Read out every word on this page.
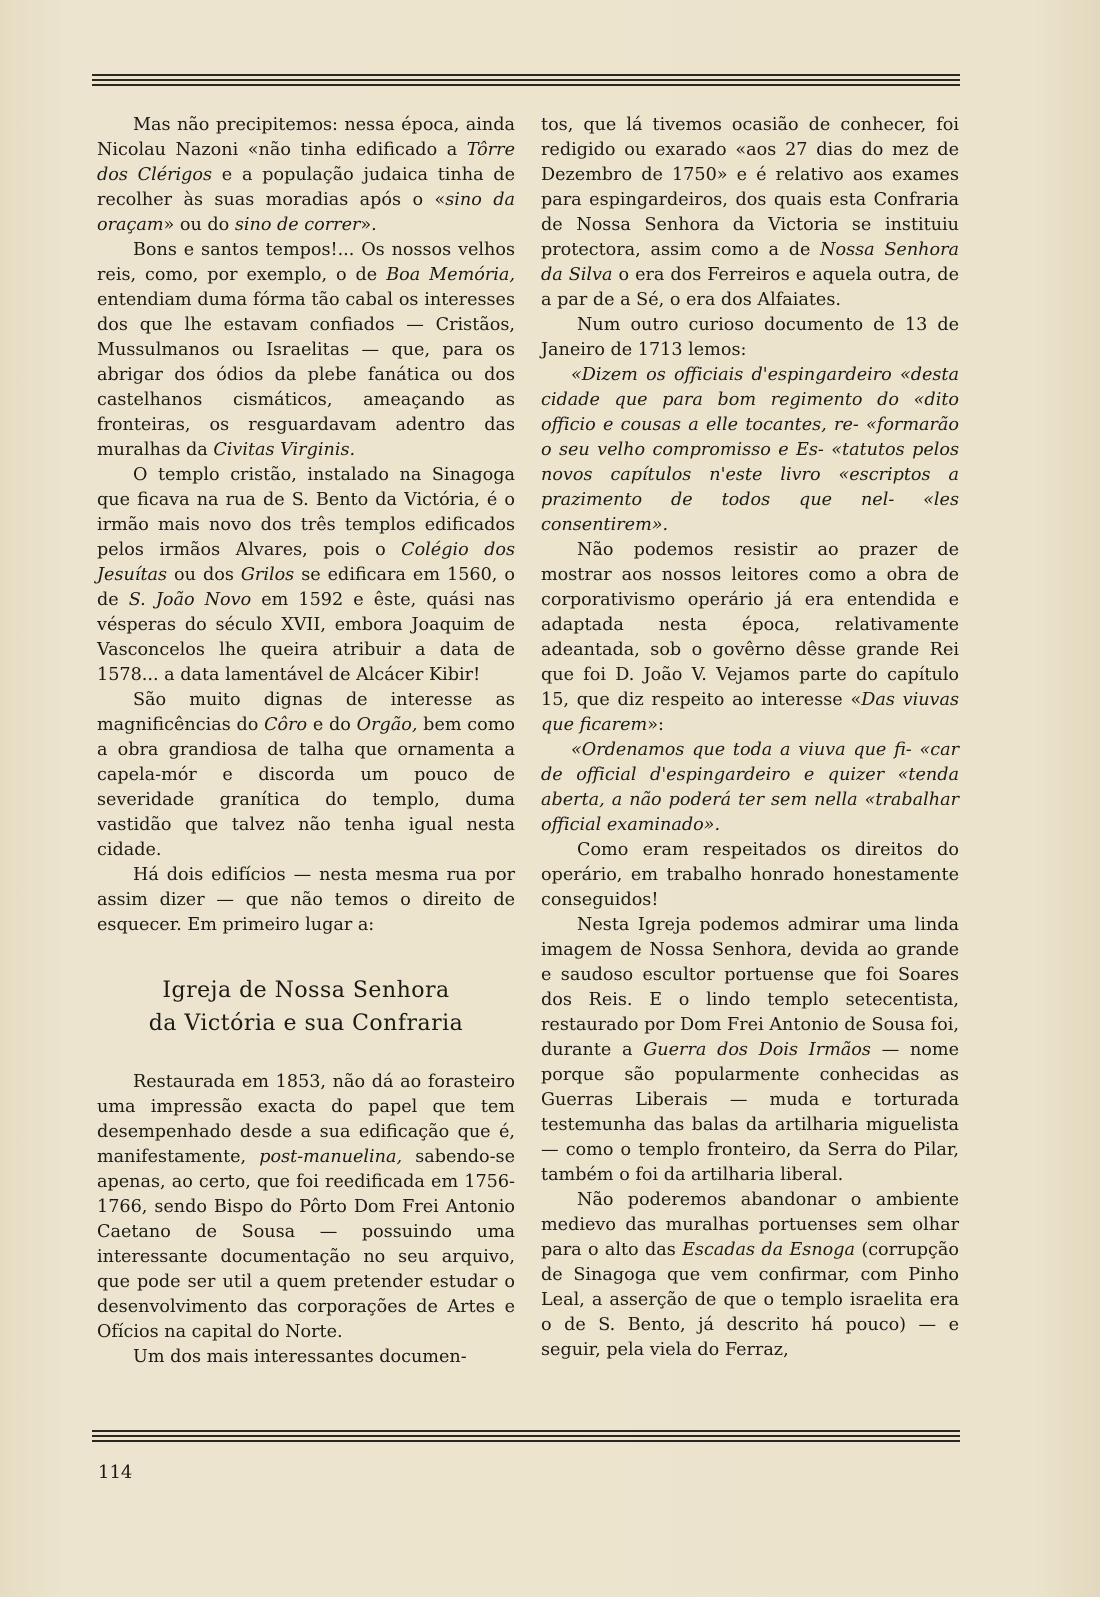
Mas não precipitemos: nessa época, ainda Nicolau Nazoni «não tinha edificado a Tôrre dos Clérigos e a população judaica tinha de recolher às suas moradias após o «sino da oraçam» ou do sino de correr».

Bons e santos tempos!... Os nossos velhos reis, como, por exemplo, o de Boa Memória, entendiam duma fórma tão cabal os interesses dos que lhe estavam confiados — Cristãos, Mussulmanos ou Israelitas — que, para os abrigar dos ódios da plebe fanática ou dos castelhanos cismáticos, ameaçando as fronteiras, os resguardavam adentro das muralhas da Civitas Virginis.

O templo cristão, instalado na Sinagoga que ficava na rua de S. Bento da Victória, é o irmão mais novo dos três templos edificados pelos irmãos Alvares, pois o Colégio dos Jesuítas ou dos Grilos se edificara em 1560, o de S. João Novo em 1592 e êste, quási nas vésperas do século XVII, embora Joaquim de Vasconcelos lhe queira atribuir a data de 1578... a data lamentável de Alcácer Kibir!

São muito dignas de interesse as magnificências do Côro e do Orgão, bem como a obra grandiosa de talha que ornamenta a capela-mór e discorda um pouco de severidade granítica do templo, duma vastidão que talvez não tenha igual nesta cidade.

Há dois edifícios — nesta mesma rua por assim dizer — que não temos o direito de esquecer. Em primeiro lugar a:

Igreja de Nossa Senhora
da Victória e sua Confraria

Restaurada em 1853, não dá ao forasteiro uma impressão exacta do papel que tem desempenhado desde a sua edificação que é, manifestamente, post-manuelina, sabendo-se apenas, ao certo, que foi reedificada em 1756-1766, sendo Bispo do Pôrto Dom Frei Antonio Caetano de Sousa — possuindo uma interessante documentação no seu arquivo, que pode ser util a quem pretender estudar o desenvolvimento das corporações de Artes e Ofícios na capital do Norte.

Um dos mais interessantes documen-

tos, que lá tivemos ocasião de conhecer, foi redigido ou exarado «aos 27 dias do mez de Dezembro de 1750» e é relativo aos exames para espingardeiros, dos quais esta Confraria de Nossa Senhora da Victoria se instituiu protectora, assim como a de Nossa Senhora da Silva o era dos Ferreiros e aquela outra, de a par de a Sé, o era dos Alfaiates.

Num outro curioso documento de 13 de Janeiro de 1713 lemos:

«Dizem os officiais d'espingardeiro «desta cidade que para bom regimento do «dito officio e cousas a elle tocantes, re- «formarão o seu velho compromisso e Es- «tatutos pelos novos capítulos n'este livro «escriptos a prazimento de todos que nel- «les consentirem».

Não podemos resistir ao prazer de mostrar aos nossos leitores como a obra de corporativismo operário já era entendida e adaptada nesta época, relativamente adeantada, sob o govêrno dêsse grande Rei que foi D. João V. Vejamos parte do capítulo 15, que diz respeito ao interesse «Das viuvas que ficarem»:

«Ordenamos que toda a viuva que fi- «car de official d'espingardeiro e quizer «tenda aberta, a não poderá ter sem nella «trabalhar official examinado».

Como eram respeitados os direitos do operário, em trabalho honrado honestamente conseguidos!

Nesta Igreja podemos admirar uma linda imagem de Nossa Senhora, devida ao grande e saudoso escultor portuense que foi Soares dos Reis. E o lindo templo setecentista, restaurado por Dom Frei Antonio de Sousa foi, durante a Guerra dos Dois Irmãos — nome porque são popularmente conhecidas as Guerras Liberais — muda e torturada testemunha das balas da artilharia miguelista — como o templo fronteiro, da Serra do Pilar, também o foi da artilharia liberal.

Não poderemos abandonar o ambiente medievo das muralhas portuenses sem olhar para o alto das Escadas da Esnoga (corrupção de Sinagoga que vem confirmar, com Pinho Leal, a asserção de que o templo israelita era o de S. Bento, já descrito há pouco) — e seguir, pela viela do Ferraz,

114
